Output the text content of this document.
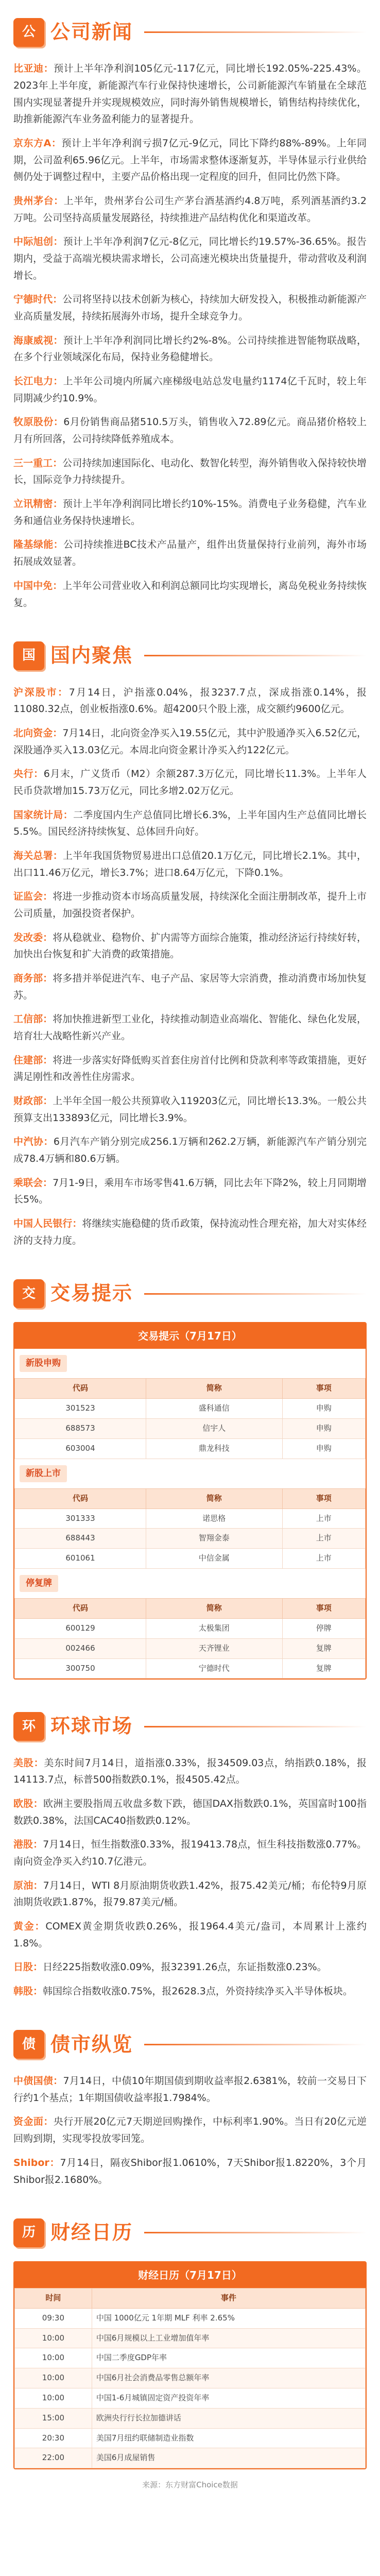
公 公司新闻

比亚迪：预计上半年净利润105亿元-117亿元，同比增长192.05%-225.43%。2023年上半年度，新能源汽车行业保持快速增长，公司新能源汽车销量在全球范围内实现显著提升并实现规模效应，同时海外销售规模增长，销售结构持续优化，助推新能源汽车业务盈利能力的显著提升。

京东方A：预计上半年净利润亏损7亿元-9亿元，同比下降约88%-89%。上年同期，公司盈利65.96亿元。上半年，市场需求整体逐渐复苏，半导体显示行业供给侧仍处于调整过程中，主要产品价格出现一定程度的回升，但同比仍然下降。

贵州茅台：上半年，贵州茅台公司生产茅台酒基酒约4.8万吨，系列酒基酒约3.2万吨。公司坚持高质量发展路径，持续推进产品结构优化和渠道改革。

中际旭创：预计上半年净利润7亿元-8亿元，同比增长约19.57%-36.65%。报告期内，受益于高端光模块需求增长，公司高速光模块出货量提升，带动营收及利润增长。

宁德时代：公司将坚持以技术创新为核心，持续加大研发投入，积极推动新能源产业高质量发展，持续拓展海外市场，提升全球竞争力。

海康威视：预计上半年净利润同比增长约2%-8%。公司持续推进智能物联战略，在多个行业领域深化布局，保持业务稳健增长。

长江电力：上半年公司境内所属六座梯级电站总发电量约1174亿千瓦时，较上年同期减少约10.9%。

牧原股份：6月份销售商品猪510.5万头，销售收入72.89亿元。商品猪价格较上月有所回落，公司持续降低养殖成本。

三一重工：公司持续加速国际化、电动化、数智化转型，海外销售收入保持较快增长，国际竞争力持续提升。

立讯精密：预计上半年净利润同比增长约10%-15%。消费电子业务稳健，汽车业务和通信业务保持快速增长。

隆基绿能：公司持续推进BC技术产品量产，组件出货量保持行业前列，海外市场拓展成效显著。

中国中免：上半年公司营业收入和利润总额同比均实现增长，离岛免税业务持续恢复。

国 国内聚焦

沪深股市：7月14日，沪指涨0.04%，报3237.7点，深成指涨0.14%，报11080.32点，创业板指涨0.6%。超4200只个股上涨，成交额约9600亿元。

北向资金：7月14日，北向资金净买入19.55亿元，其中沪股通净买入6.52亿元，深股通净买入13.03亿元。本周北向资金累计净买入约122亿元。

央行：6月末，广义货币（M2）余额287.3万亿元，同比增长11.3%。上半年人民币贷款增加15.73万亿元，同比多增2.02万亿元。

国家统计局：二季度国内生产总值同比增长6.3%，上半年国内生产总值同比增长5.5%。国民经济持续恢复、总体回升向好。

海关总署：上半年我国货物贸易进出口总值20.1万亿元，同比增长2.1%。其中，出口11.46万亿元，增长3.7%；进口8.64万亿元，下降0.1%。

证监会：将进一步推动资本市场高质量发展，持续深化全面注册制改革，提升上市公司质量，加强投资者保护。

发改委：将从稳就业、稳物价、扩内需等方面综合施策，推动经济运行持续好转，加快出台恢复和扩大消费的政策措施。

商务部：将多措并举促进汽车、电子产品、家居等大宗消费，推动消费市场加快复苏。

工信部：将加快推进新型工业化，持续推动制造业高端化、智能化、绿色化发展，培育壮大战略性新兴产业。

住建部：将进一步落实好降低购买首套住房首付比例和贷款利率等政策措施，更好满足刚性和改善性住房需求。

财政部：上半年全国一般公共预算收入119203亿元，同比增长13.3%。一般公共预算支出133893亿元，同比增长3.9%。

中汽协：6月汽车产销分别完成256.1万辆和262.2万辆，新能源汽车产销分别完成78.4万辆和80.6万辆。

乘联会：7月1-9日，乘用车市场零售41.6万辆，同比去年下降2%，较上月同期增长5%。

中国人民银行：将继续实施稳健的货币政策，保持流动性合理充裕，加大对实体经济的支持力度。

交 交易提示
交易提示（7月17日）
新股申购
代码	简称	事项
301523	盛科通信	申购
688573	信宇人	申购
603004	鼎龙科技	申购
新股上市
代码	简称	事项
301333	诺思格	上市
688443	智翔金泰	上市
601061	中信金属	上市
停复牌
代码	简称	事项
600129	太极集团	停牌
002466	天齐锂业	复牌
300750	宁德时代	复牌
环 环球市场

美股：美东时间7月14日，道指涨0.33%，报34509.03点，纳指跌0.18%，报14113.7点，标普500指数跌0.1%，报4505.42点。

欧股：欧洲主要股指周五收盘多数下跌，德国DAX指数跌0.1%，英国富时100指数跌0.38%，法国CAC40指数跌0.12%。

港股：7月14日，恒生指数涨0.33%，报19413.78点，恒生科技指数涨0.77%。南向资金净买入约10.7亿港元。

原油：7月14日，WTI 8月原油期货收跌1.42%，报75.42美元/桶；布伦特9月原油期货收跌1.87%，报79.87美元/桶。

黄金：COMEX黄金期货收跌0.26%，报1964.4美元/盎司，本周累计上涨约1.8%。

日股：日经225指数收涨0.09%，报32391.26点，东证指数涨0.23%。

韩股：韩国综合指数收涨0.75%，报2628.3点，外资持续净买入半导体板块。

债 债市纵览

中债国债：7月14日，中债10年期国债到期收益率报2.6381%，较前一交易日下行约1个基点；1年期国债收益率报1.7984%。

资金面：央行开展20亿元7天期逆回购操作，中标利率1.90%。当日有20亿元逆回购到期，实现零投放零回笼。

Shibor：7月14日，隔夜Shibor报1.0610%，7天Shibor报1.8220%，3个月Shibor报2.1680%。

历 财经日历
财经日历（7月17日）
时间	事件
09:30	中国 1000亿元 1年期 MLF 利率 2.65%
10:00	中国6月规模以上工业增加值年率
10:00	中国二季度GDP年率
10:00	中国6月社会消费品零售总额年率
10:00	中国1-6月城镇固定资产投资年率
15:00	欧洲央行行长拉加德讲话
20:30	美国7月纽约联储制造业指数
22:00	美国6月成屋销售
来源：东方财富Choice数据
